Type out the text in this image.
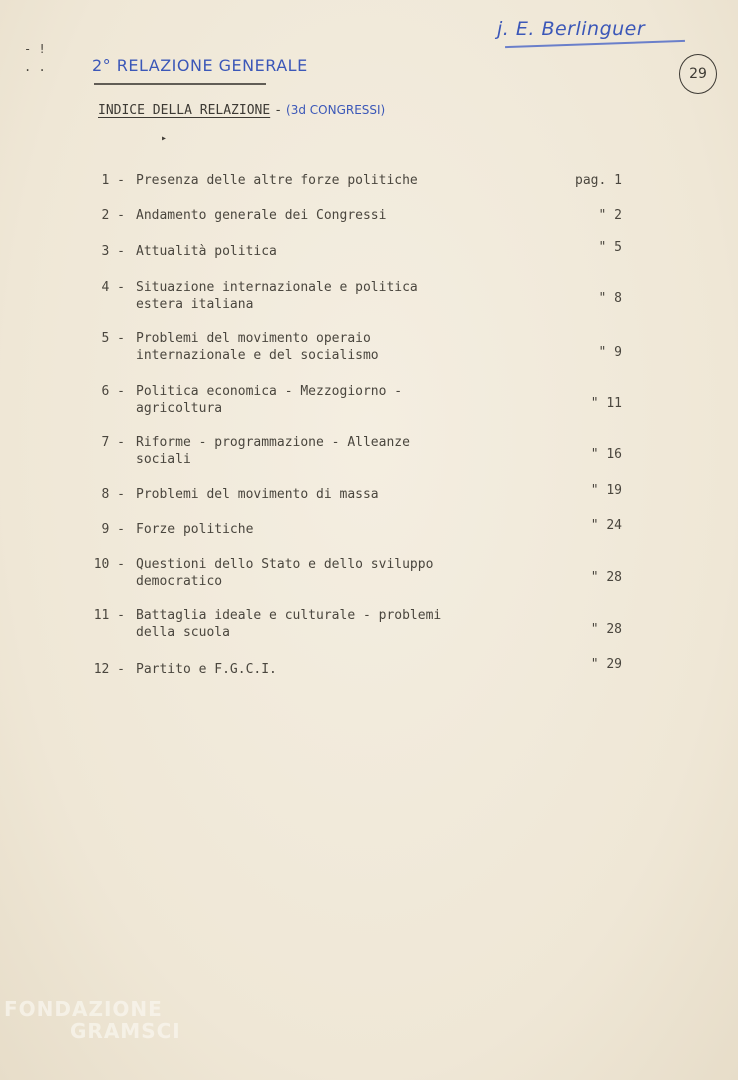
- !
. .
j. E. Berlinguer
29
2° RELAZIONE GENERALE
INDICE DELLA RELAZIONE - (3d CONGRESSI)
▸
1 - Presenza delle altre forze politiche	pag. 1
2 - Andamento generale dei Congressi	" 2
3 - Attualità politica	" 5
4 - Situazione internazionale e politica
estera italiana	" 8
5 - Problemi del movimento operaio
internazionale e del socialismo	" 9
6 - Politica economica - Mezzogiorno -
agricoltura	" 11
7 - Riforme - programmazione - Alleanze
sociali	" 16
8 - Problemi del movimento di massa	" 19
9 - Forze politiche	" 24
10 - Questioni dello Stato e dello sviluppo
democratico	" 28
11 - Battaglia ideale e culturale - problemi
della scuola	" 28
12 - Partito e F.G.C.I.	" 29
FONDAZIONE
GRAMSCI
